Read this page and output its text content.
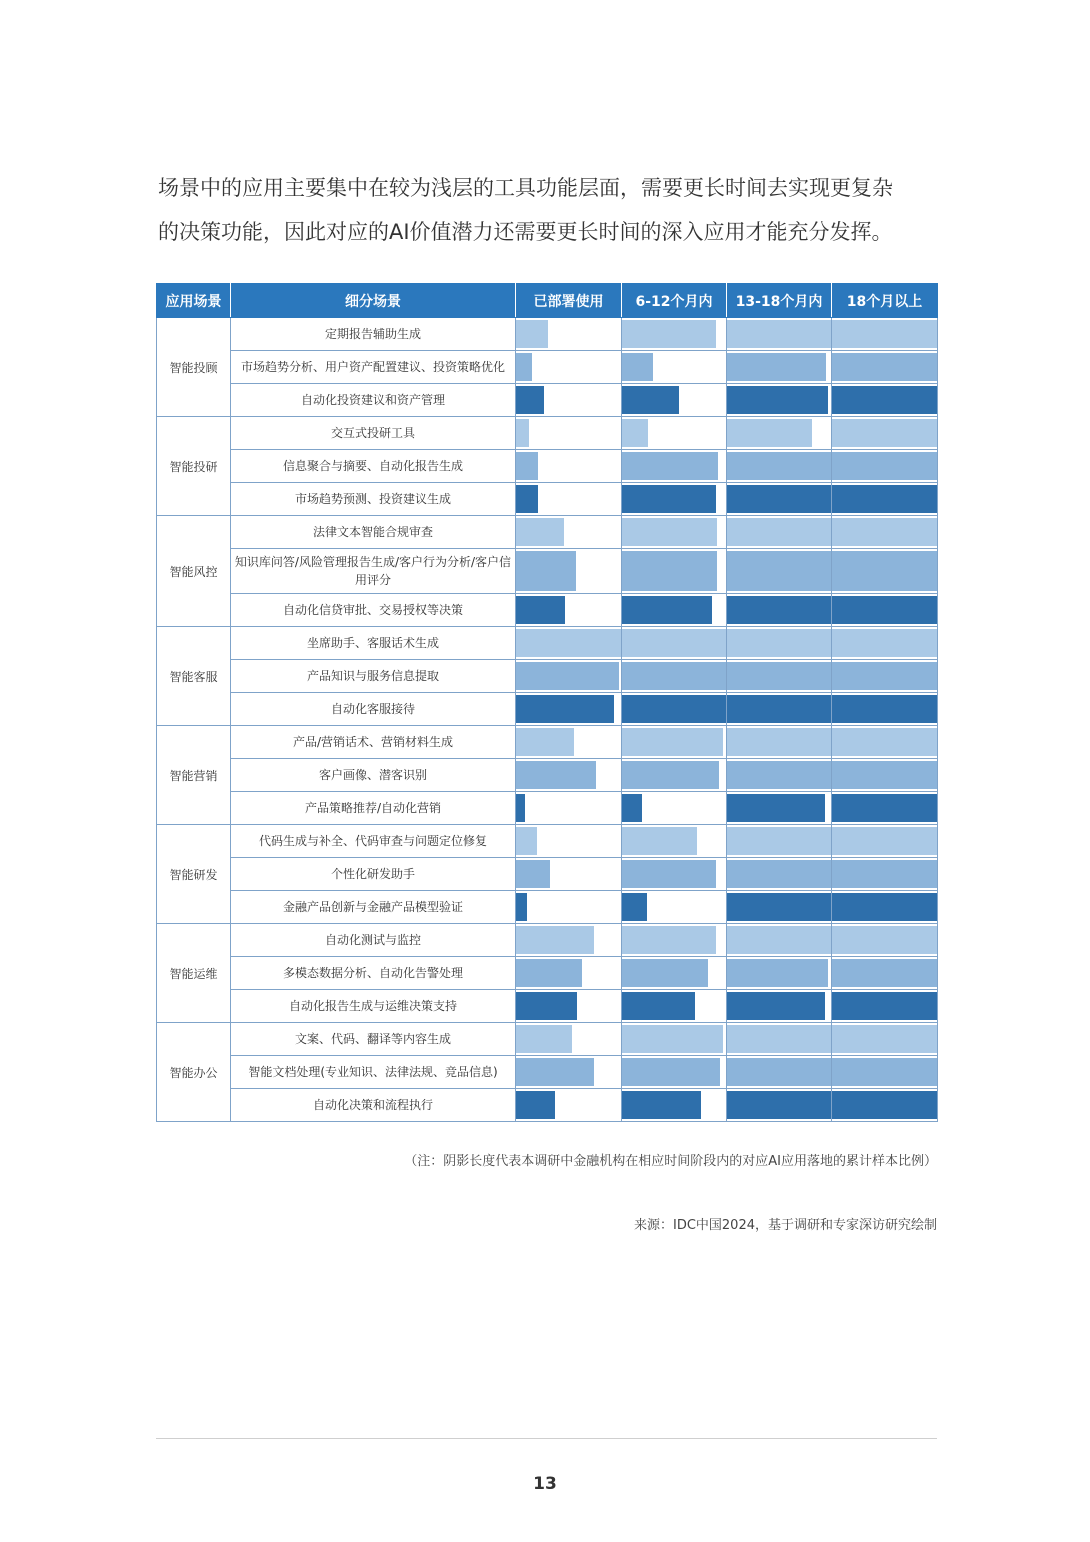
场景中的应用主要集中在较为浅层的工具功能层面，需要更长时间去实现更复杂

的决策功能，因此对应的AI价值潜力还需要更长时间的深入应用才能充分发挥。

应用场景	细分场景	已部署使用	6-12个月内	13-18个月内	18个月以上
智能投顾	定期报告辅助生成	

	市场趋势分析、用户资产配置建议、投资策略优化	

	自动化投资建议和资产管理	

智能投研	交互式投研工具	

	信息聚合与摘要、自动化报告生成	

	市场趋势预测、投资建议生成	

智能风控	法律文本智能合规审查	

	知识库问答/风险管理报告生成/客户行为分析/客户信用评分	

	自动化信贷审批、交易授权等决策	

智能客服	坐席助手、客服话术生成	

	产品知识与服务信息提取	

	自动化客服接待	

智能营销	产品/营销话术、营销材料生成	

	客户画像、潜客识别	

	产品策略推荐/自动化营销	

智能研发	代码生成与补全、代码审查与问题定位修复	

	个性化研发助手	

	金融产品创新与金融产品模型验证	

智能运维	自动化测试与监控	

	多模态数据分析、自动化告警处理	

	自动化报告生成与运维决策支持	

智能办公	文案、代码、翻译等内容生成	

	智能文档处理(专业知识、法律法规、竞品信息)	

	自动化决策和流程执行	

（注：阴影长度代表本调研中金融机构在相应时间阶段内的对应AI应用落地的累计样本比例）
来源：IDC中国2024，基于调研和专家深访研究绘制
13
